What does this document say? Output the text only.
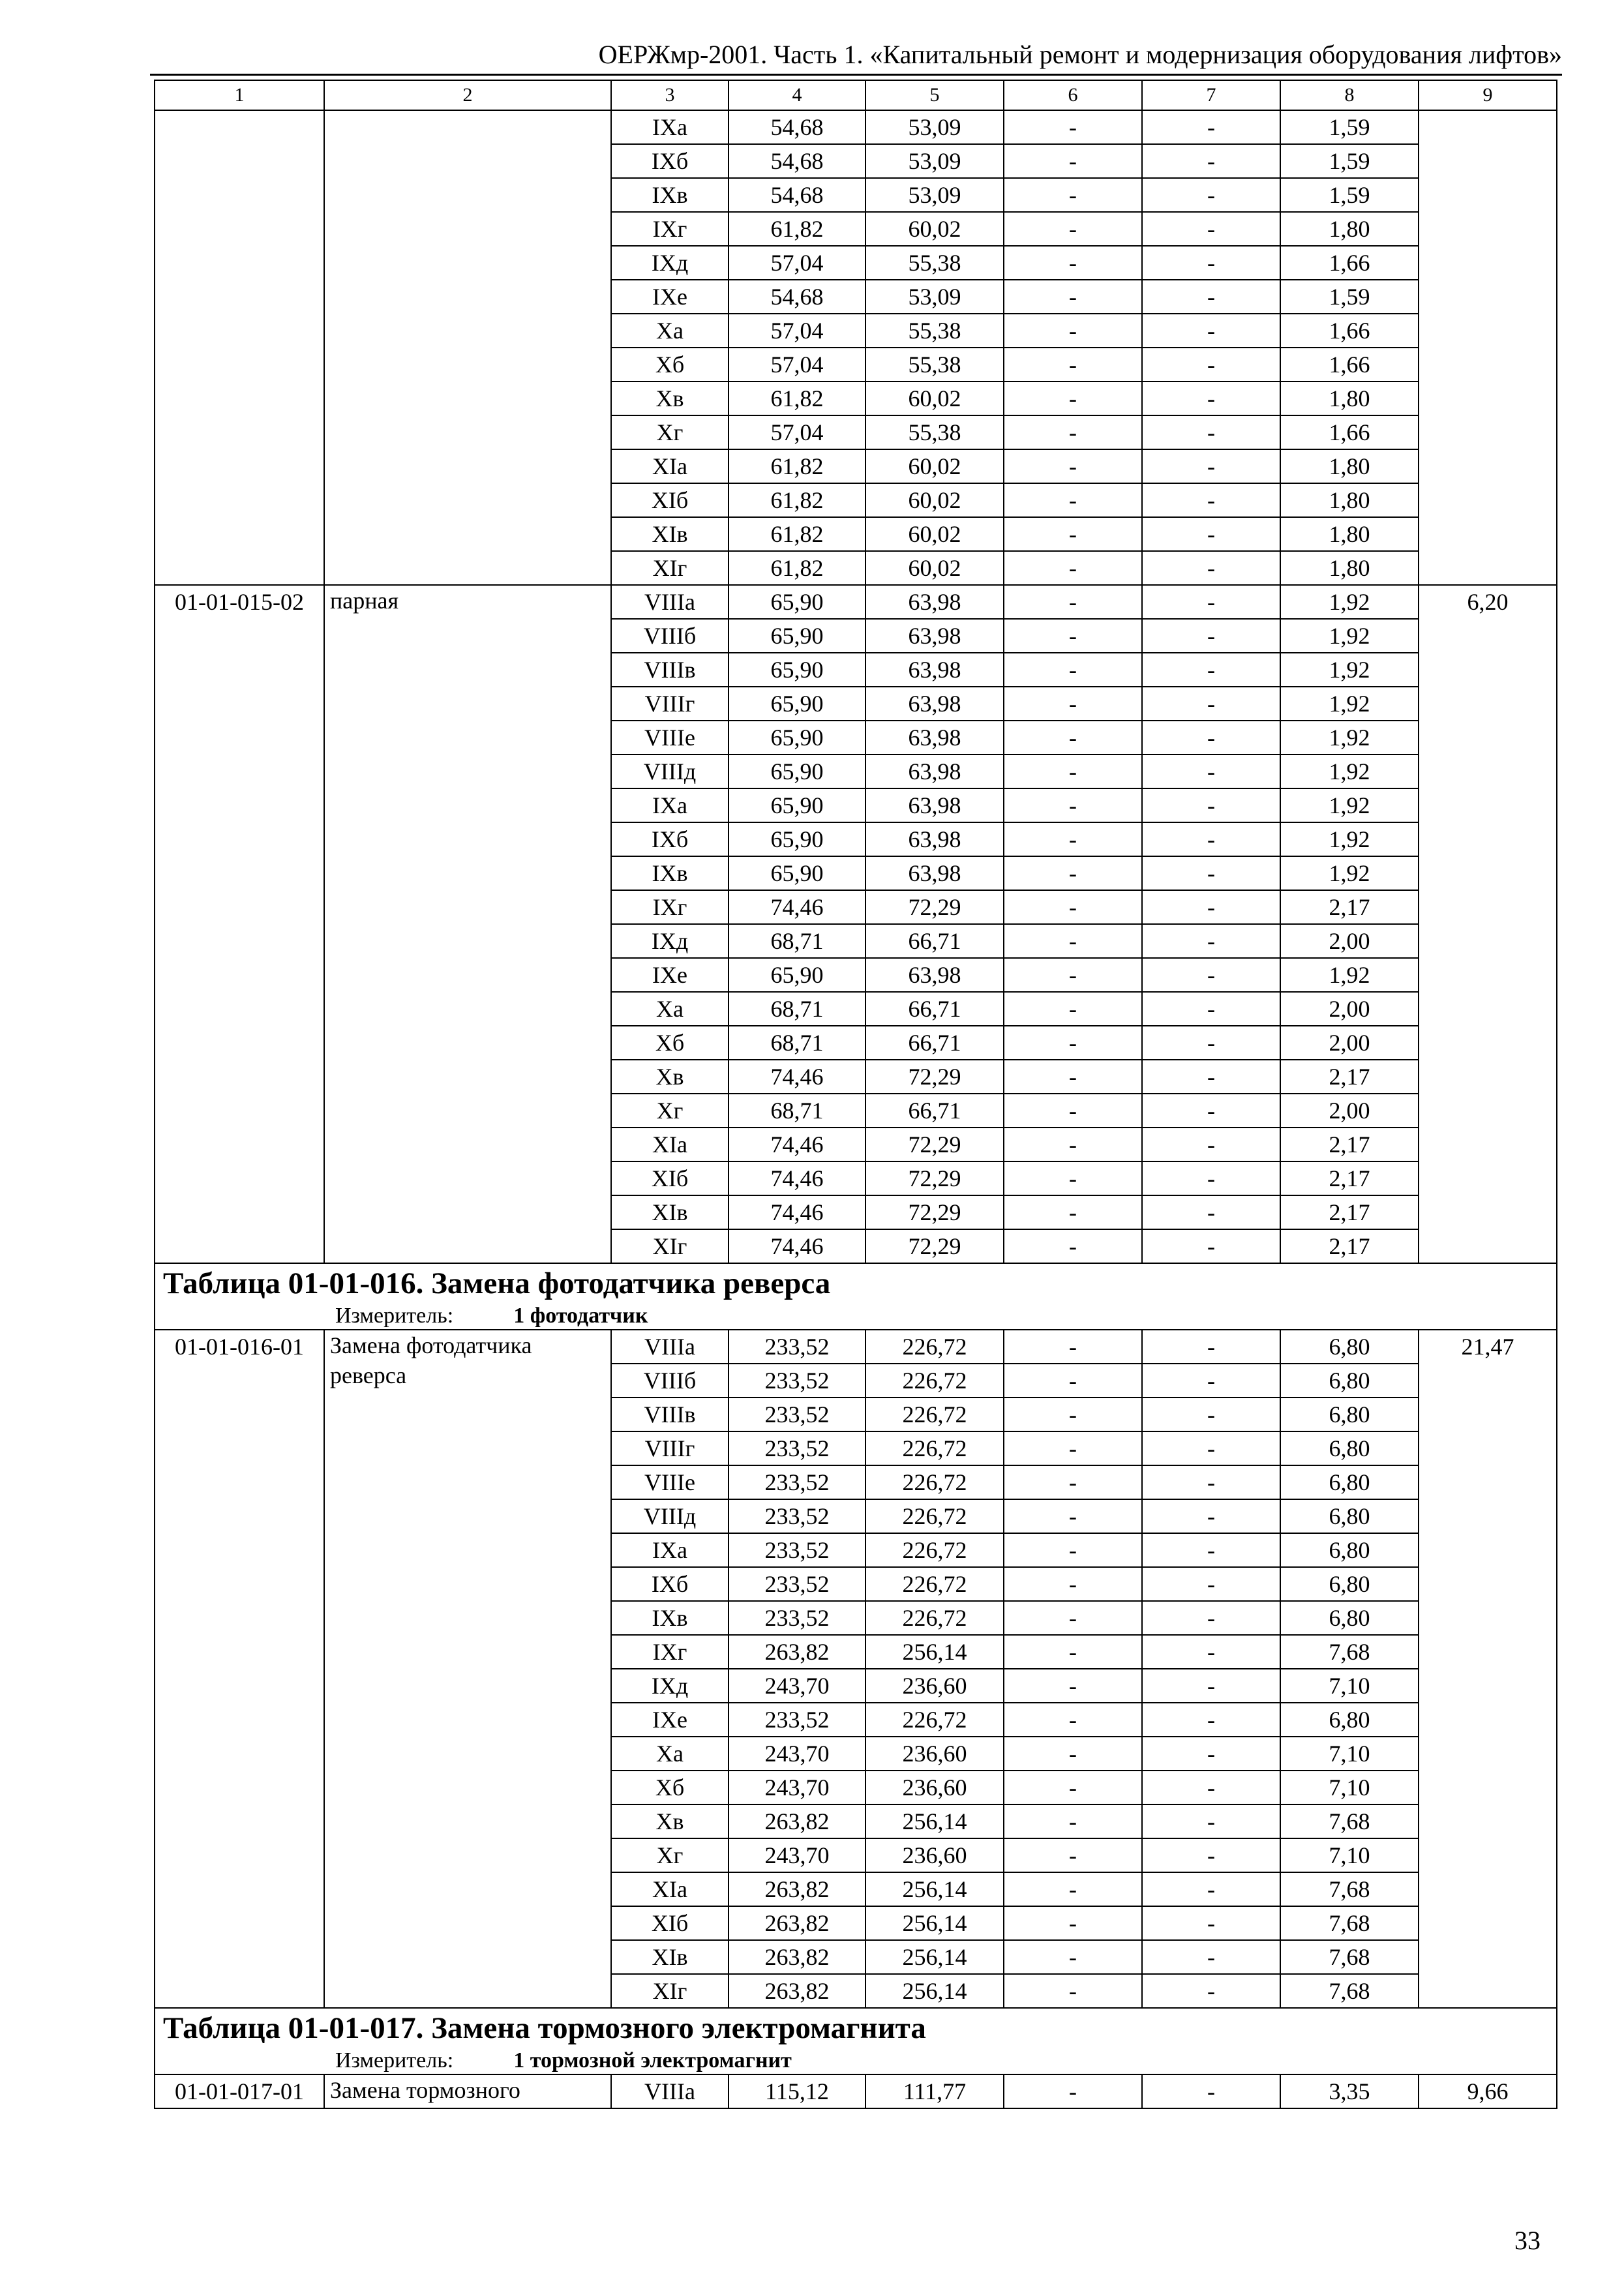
ОЕРЖмр-2001. Часть 1. «Капитальный ремонт и модернизация оборудования лифтов»
1	2	3	4	5	6	7	8	9
		IXа	54,68	53,09	-	-	1,59	
		IXб	54,68	53,09	-	-	1,59	
		IXв	54,68	53,09	-	-	1,59	
		IXг	61,82	60,02	-	-	1,80	
		IXд	57,04	55,38	-	-	1,66	
		IXе	54,68	53,09	-	-	1,59	
		Xа	57,04	55,38	-	-	1,66	
		Xб	57,04	55,38	-	-	1,66	
		Xв	61,82	60,02	-	-	1,80	
		Xг	57,04	55,38	-	-	1,66	
		XIа	61,82	60,02	-	-	1,80	
		XIб	61,82	60,02	-	-	1,80	
		XIв	61,82	60,02	-	-	1,80	
		XIг	61,82	60,02	-	-	1,80	
01-01-015-02	парная	VIIIа	65,90	63,98	-	-	1,92	6,20
		VIIIб	65,90	63,98	-	-	1,92	
		VIIIв	65,90	63,98	-	-	1,92	
		VIIIг	65,90	63,98	-	-	1,92	
		VIIIе	65,90	63,98	-	-	1,92	
		VIIIд	65,90	63,98	-	-	1,92	
		IXа	65,90	63,98	-	-	1,92	
		IXб	65,90	63,98	-	-	1,92	
		IXв	65,90	63,98	-	-	1,92	
		IXг	74,46	72,29	-	-	2,17	
		IXд	68,71	66,71	-	-	2,00	
		IXе	65,90	63,98	-	-	1,92	
		Xа	68,71	66,71	-	-	2,00	
		Xб	68,71	66,71	-	-	2,00	
		Xв	74,46	72,29	-	-	2,17	
		Xг	68,71	66,71	-	-	2,00	
		XIа	74,46	72,29	-	-	2,17	
		XIб	74,46	72,29	-	-	2,17	
		XIв	74,46	72,29	-	-	2,17	
		XIг	74,46	72,29	-	-	2,17	

Таблица 01-01-016. Замена фотодатчика реверса
Измеритель: 1 фотодатчик								

01-01-016-01	Замена фотодатчика реверса	VIIIа	233,52	226,72	-	-	6,80	21,47
		VIIIб	233,52	226,72	-	-	6,80	
		VIIIв	233,52	226,72	-	-	6,80	
		VIIIг	233,52	226,72	-	-	6,80	
		VIIIе	233,52	226,72	-	-	6,80	
		VIIIд	233,52	226,72	-	-	6,80	
		IXа	233,52	226,72	-	-	6,80	
		IXб	233,52	226,72	-	-	6,80	
		IXв	233,52	226,72	-	-	6,80	
		IXг	263,82	256,14	-	-	7,68	
		IXд	243,70	236,60	-	-	7,10	
		IXе	233,52	226,72	-	-	6,80	
		Xа	243,70	236,60	-	-	7,10	
		Xб	243,70	236,60	-	-	7,10	
		Xв	263,82	256,14	-	-	7,68	
		Xг	243,70	236,60	-	-	7,10	
		XIа	263,82	256,14	-	-	7,68	
		XIб	263,82	256,14	-	-	7,68	
		XIв	263,82	256,14	-	-	7,68	
		XIг	263,82	256,14	-	-	7,68	

Таблица 01-01-017. Замена тормозного электромагнита
Измеритель: 1 тормозной электромагнит								

01-01-017-01	Замена тормозного	VIIIа	115,12	111,77	-	-	3,35	9,66
33
